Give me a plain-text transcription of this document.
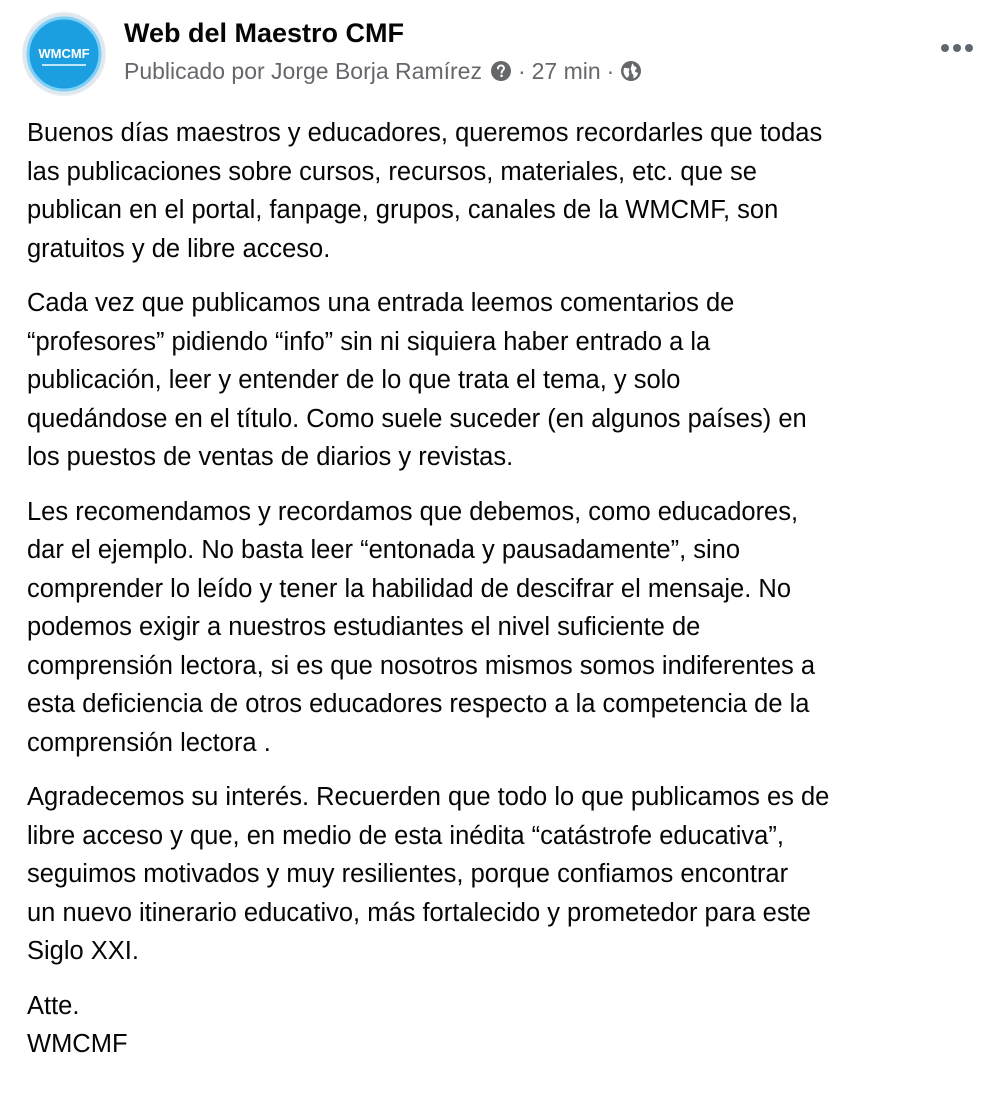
WMCMF
Web del Maestro CMF
Publicado por Jorge Borja Ramírez · 27 min ·

Buenos días maestros y educadores, queremos recordarles que todas
las publicaciones sobre cursos, recursos, materiales, etc. que se
publican en el portal, fanpage, grupos, canales de la WMCMF, son
gratuitos y de libre acceso.

Cada vez que publicamos una entrada leemos comentarios de
“profesores” pidiendo “info” sin ni siquiera haber entrado a la
publicación, leer y entender de lo que trata el tema, y solo
quedándose en el título. Como suele suceder (en algunos países) en
los puestos de ventas de diarios y revistas.

Les recomendamos y recordamos que debemos, como educadores,
dar el ejemplo. No basta leer “entonada y pausadamente”, sino
comprender lo leído y tener la habilidad de descifrar el mensaje. No
podemos exigir a nuestros estudiantes el nivel suficiente de
comprensión lectora, si es que nosotros mismos somos indiferentes a
esta deficiencia de otros educadores respecto a la competencia de la
comprensión lectora .

Agradecemos su interés. Recuerden que todo lo que publicamos es de
libre acceso y que, en medio de esta inédita “catástrofe educativa”,
seguimos motivados y muy resilientes, porque confiamos encontrar
un nuevo itinerario educativo, más fortalecido y prometedor para este
Siglo XXI.

Atte.
WMCMF
